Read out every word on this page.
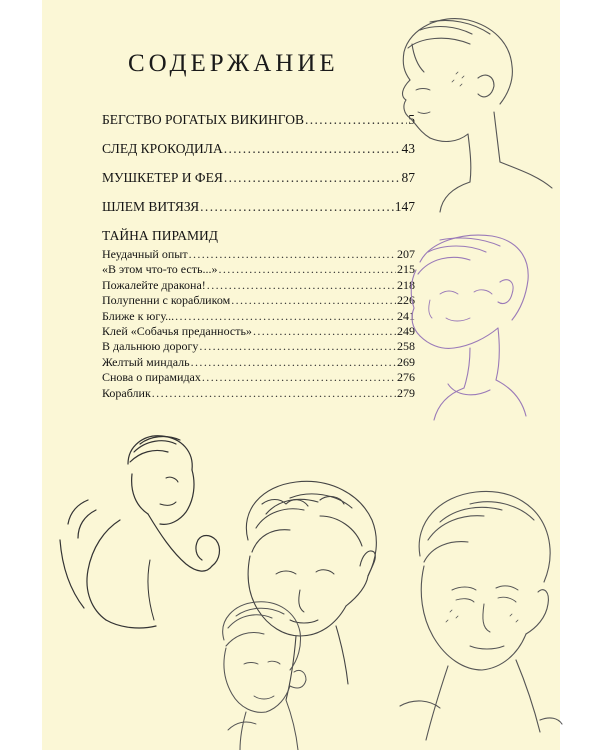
СОДЕРЖАНИЕ
БЕГСТВО РОГАТЫХ ВИКИНГОВ .....	5
СЛЕД КРОКОДИЛА .....	43
МУШКЕТЕР И ФЕЯ .....	87
ШЛЕМ ВИТЯЗЯ .....	147
ТАЙНА ПИРАМИД
Неудачный опыт .....	207
«В этом что-то есть...» .....	215
Пожалейте дракона! .....	218
Полупенни с корабликом .....	226
Ближе к югу... .....	241
Клей «Собачья преданность» .....	249
В дальнюю дорогу .....	258
Желтый миндаль .....	269
Снова о пирамидах .....	276
Кораблик .....	279
